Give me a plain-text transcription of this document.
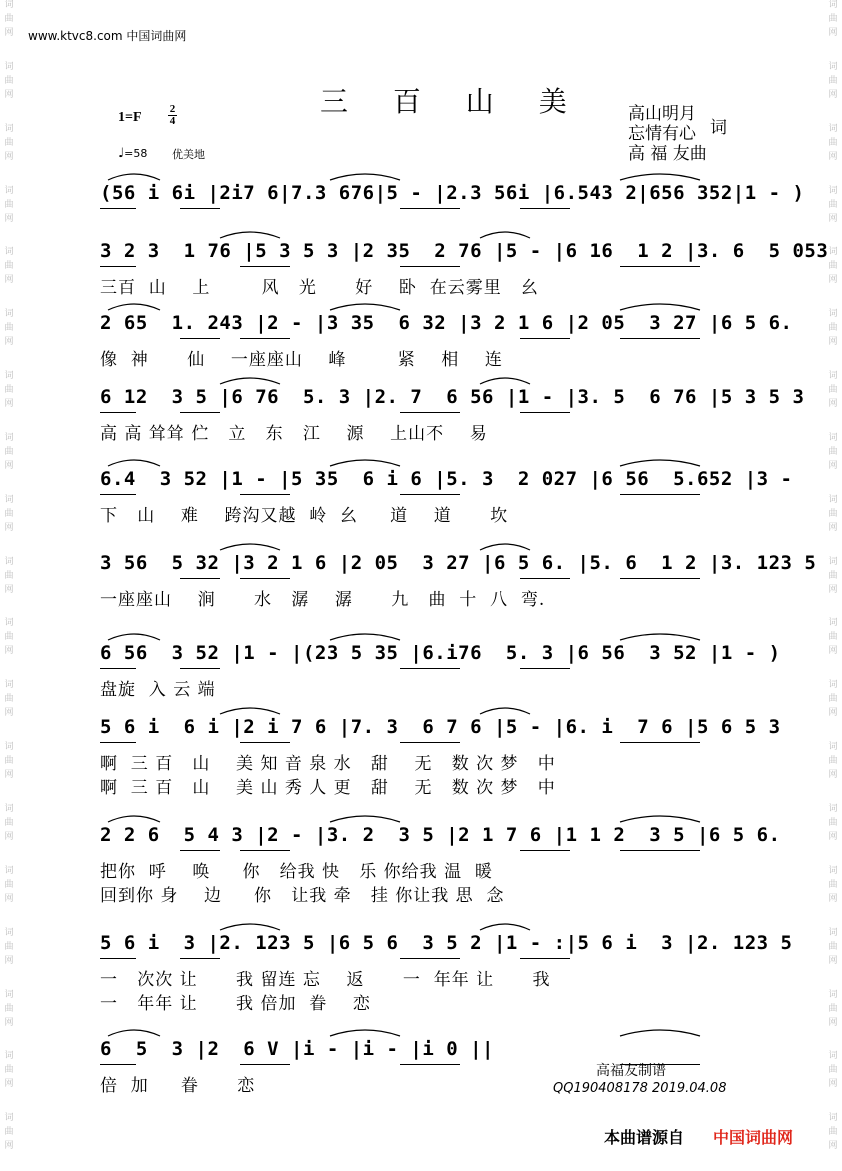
词
曲
网
词
曲
网
词
曲
网
词
曲
网
词
曲
网
词
曲
网
词
曲
网
词
曲
网
词
曲
网
词
曲
网
词
曲
网
词
曲
网
词
曲
网
词
曲
网
词
曲
网
词
曲
网
词
曲
网
词
曲
网
词
曲
网
词
曲
网
词
曲
网
词
曲
网
词
曲
网
词
曲
网
词
曲
网
词
曲
网
词
曲
网
词
曲
网
词
曲
网
词
曲
网
词
曲
网
词
曲
网
词
曲
网
词
曲
网
词
曲
网
词
曲
网
词
曲
网
词
曲
网
www.ktvc8.com 中国词曲网
三 百 山 美
1=F
2
4
♩=58 优美地
高山明月
忘情有心 词
高 福 友曲
(56 i 6i |2i7 6|7.3 676|5 - |2.3 56i |6.543 2|656 352|1 - )
3 2 3  1 76 |5 3 5 3 |2 35  2 76 |5 - |6 16  1 2 |3. 6  5 053
三百  山    上        风   光      好    卧  在云雾里   幺
2 65  1. 243 |2 - |3 35  6 32 |3 2 1 6 |2 05  3 27 |6 5 6.
像  神      仙    一座座山    峰        紧    相    连
6 12  3 5 |6 76  5. 3 |2. 7  6 56 |1 - |3. 5  6 76 |5 3 5 3
高 高 耸耸 伫   立   东   江    源    上山不    易
6.4  3 52 |1 - |5 35  6 i 6 |5. 3  2 027 |6 56  5.652 |3 -
下   山    难    跨沟又越  岭  幺     道    道      坎
3 56  5 32 |3 2 1 6 |2 05  3 27 |6 5 6. |5. 6  1 2 |3. 123 5
一座座山    涧      水   潺    潺      九   曲  十  八  弯.
6 56  3 52 |1 - |(23 5 35 |6.i76  5. 3 |6 56  3 52 |1 - )
盘旋  入 云 端
5 6 i  6 i |2 i 7 6 |7. 3  6 7 6 |5 - |6. i  7 6 |5 6 5 3
啊  三 百   山    美 知 音 泉 水   甜    无   数 次 梦   中
啊  三 百   山    美 山 秀 人 更   甜    无   数 次 梦   中
2 2 6  5 4 3 |2 - |3. 2  3 5 |2 1 7 6 |1 1 2  3 5 |6 5 6.
把你  呼    唤     你   给我 快   乐 你给我 温  暖
回到你 身    边     你   让我 牵   挂 你让我 思  念
5 6 i  3 |2. 123 5 |6 5 6  3 5 2 |1 - :|5 6 i  3 |2. 123 5
一   次次 让      我 留连 忘    返      一  年年 让      我
一   年年 让      我 倍加  眷    恋
6  5  3 |2  6 V |i - |i - |i 0 ||
倍  加     眷      恋
高福友制谱
QQ190408178 2019.04.08
本曲谱源自 中国词曲网
